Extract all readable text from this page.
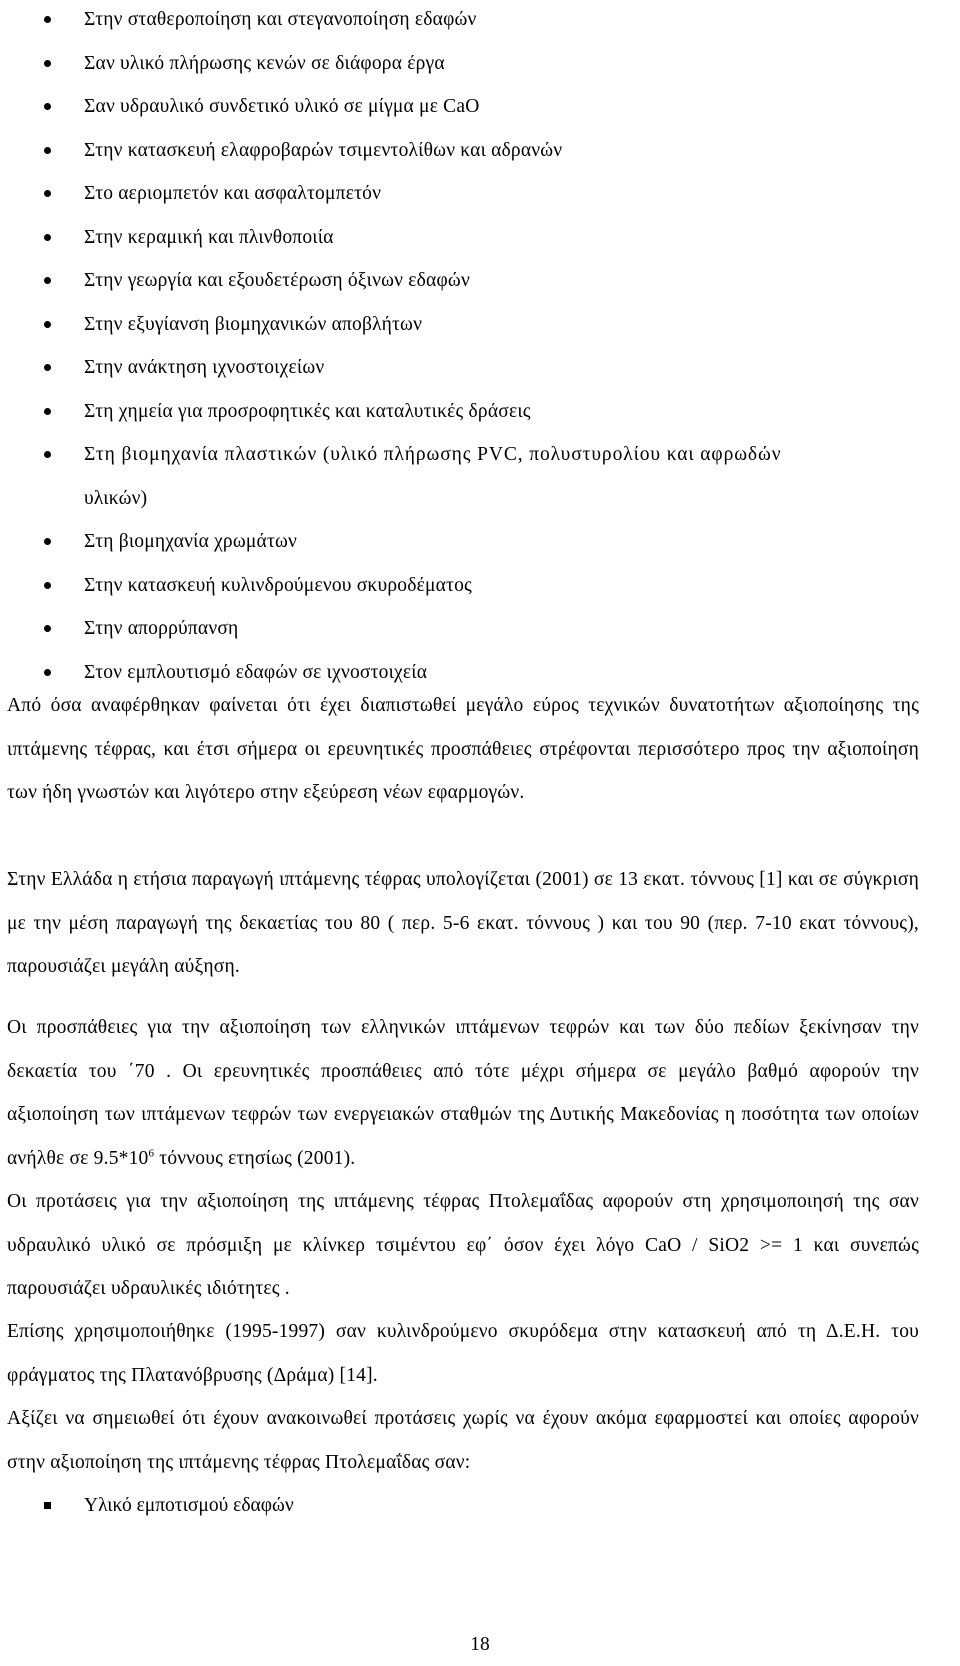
Στην σταθεροποίηση και στεγανοποίηση εδαφών
Σαν υλικό πλήρωσης κενών σε διάφορα έργα
Σαν υδραυλικό συνδετικό υλικό σε μίγμα με CaO
Στην κατασκευή ελαφροβαρών τσιμεντολίθων και αδρανών
Στο αεριομπετόν και ασφαλτομπετόν
Στην κεραμική και πλινθοποιία
Στην γεωργία και εξουδετέρωση όξινων εδαφών
Στην εξυγίανση βιομηχανικών αποβλήτων
Στην ανάκτηση ιχνοστοιχείων
Στη χημεία για προσροφητικές και καταλυτικές δράσεις
Στη βιομηχανία πλαστικών (υλικό πλήρωσης PVC, πολυστυρολίου και αφρωδών
υλικών)
Στη βιομηχανία χρωμάτων
Στην κατασκευή κυλινδρούμενου σκυροδέματος
Στην απορρύπανση
Στον εμπλουτισμό εδαφών σε ιχνοστοιχεία

Από όσα αναφέρθηκαν φαίνεται ότι έχει διαπιστωθεί μεγάλο εύρος τεχνικών δυνατοτήτων αξιοποίησης της ιπτάμενης τέφρας, και έτσι σήμερα οι ερευνητικές προσπάθειες στρέφονται περισσότερο προς την αξιοποίηση των ήδη γνωστών και λιγότερο στην εξεύρεση νέων εφαρμογών.

Στην Ελλάδα η ετήσια παραγωγή ιπτάμενης τέφρας υπολογίζεται (2001) σε 13 εκατ. τόννους [1] και σε σύγκριση με την μέση παραγωγή της δεκαετίας του 80 ( περ. 5-6 εκατ. τόννους ) και του 90 (περ. 7-10 εκατ τόννους), παρουσιάζει μεγάλη αύξηση.

Οι προσπάθειες για την αξιοποίηση των ελληνικών ιπτάμενων τεφρών και των δύο πεδίων ξεκίνησαν την δεκαετία του ΄70 . Οι ερευνητικές προσπάθειες από τότε μέχρι σήμερα σε μεγάλο βαθμό αφορούν την αξιοποίηση των ιπτάμενων τεφρών των ενεργειακών σταθμών της Δυτικής Μακεδονίας η ποσότητα των οποίων ανήλθε σε $9.5*10^6$ τόννους ετησίως (2001).

Οι προτάσεις για την αξιοποίηση της ιπτάμενης τέφρας Πτολεμαΐδας αφορούν στη χρησιμοποιησή της σαν υδραυλικό υλικό σε πρόσμιξη με κλίνκερ τσιμέντου εφ΄ όσον έχει λόγο CaO / SiO2 >= 1 και συνεπώς παρουσιάζει υδραυλικές ιδιότητες .

Επίσης χρησιμοποιήθηκε (1995-1997) σαν κυλινδρούμενο σκυρόδεμα στην κατασκευή από τη Δ.Ε.Η. του φράγματος της Πλατανόβρυσης (Δράμα) [14].

Αξίζει να σημειωθεί ότι έχουν ανακοινωθεί προτάσεις χωρίς να έχουν ακόμα εφαρμοστεί και οποίες αφορούν στην αξιοποίηση της ιπτάμενης τέφρας Πτολεμαΐδας σαν:

Υλικό εμποτισμού εδαφών
18
